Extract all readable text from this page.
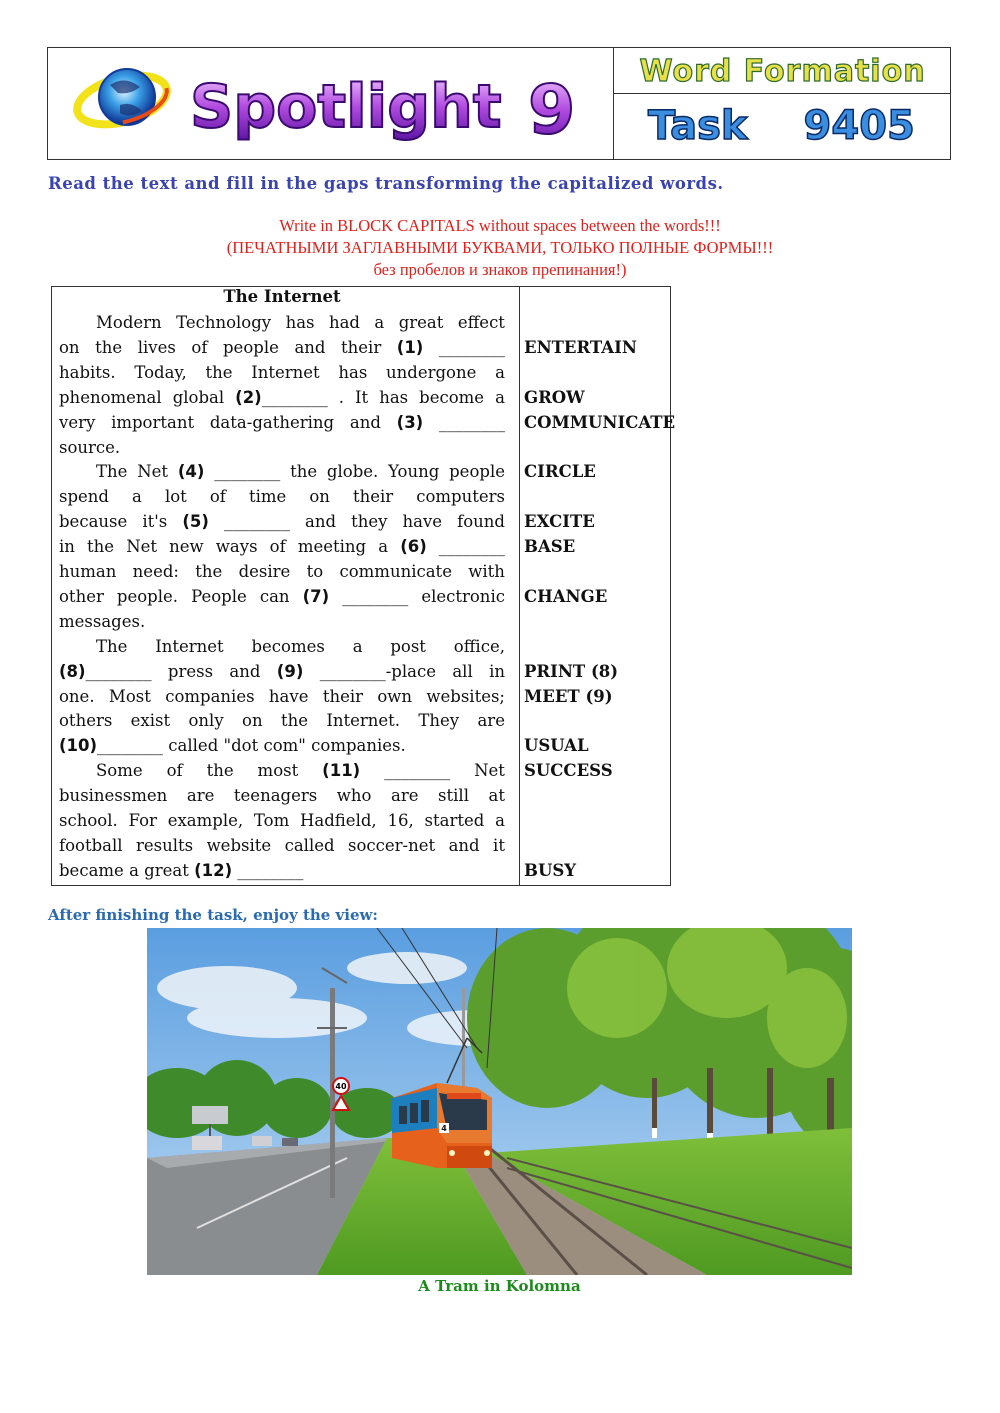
Spotlight 9	Word Formation
Task 9405
Read the text and fill in the gaps transforming the capitalized words.
Write in BLOCK CAPITALS without spaces between the words!!!
(ПЕЧАТНЫМИ ЗАГЛАВНЫМИ БУКВАМИ, ТОЛЬКО ПОЛНЫЕ ФОРМЫ!!!
без пробелов и знаков препинания!)
The Internet
Modern Technology has had a great effect
on the lives of people and their (1) ________
habits. Today, the Internet has undergone a
phenomenal global (2)________ . It has become a
very important data-gathering and (3) ________
source.
The Net (4) ________ the globe. Young people
spend a lot of time on their computers
because it's (5) ________ and they have found
in the Net new ways of meeting a (6) ________
human need: the desire to communicate with
other people. People can (7) ________ electronic
messages.
The Internet becomes a post office,
(8)________ press and (9) ________-place all in
one. Most companies have their own websites;
others exist only on the Internet. They are
(10)________ called "dot com" companies.
Some of the most (11) ________ Net
businessmen are teenagers who are still at
school. For example, Tom Hadfield, 16, started a
football results website called soccer-net and it
became a great (12) ________
ENTERTAIN
GROW
COMMUNICATE
CIRCLE
EXCITE
BASE
CHANGE
PRINT (8)
MEET (9)
USUAL
SUCCESS
BUSY
After finishing the task, enjoy the view:
40
4
A Tram in Kolomna
